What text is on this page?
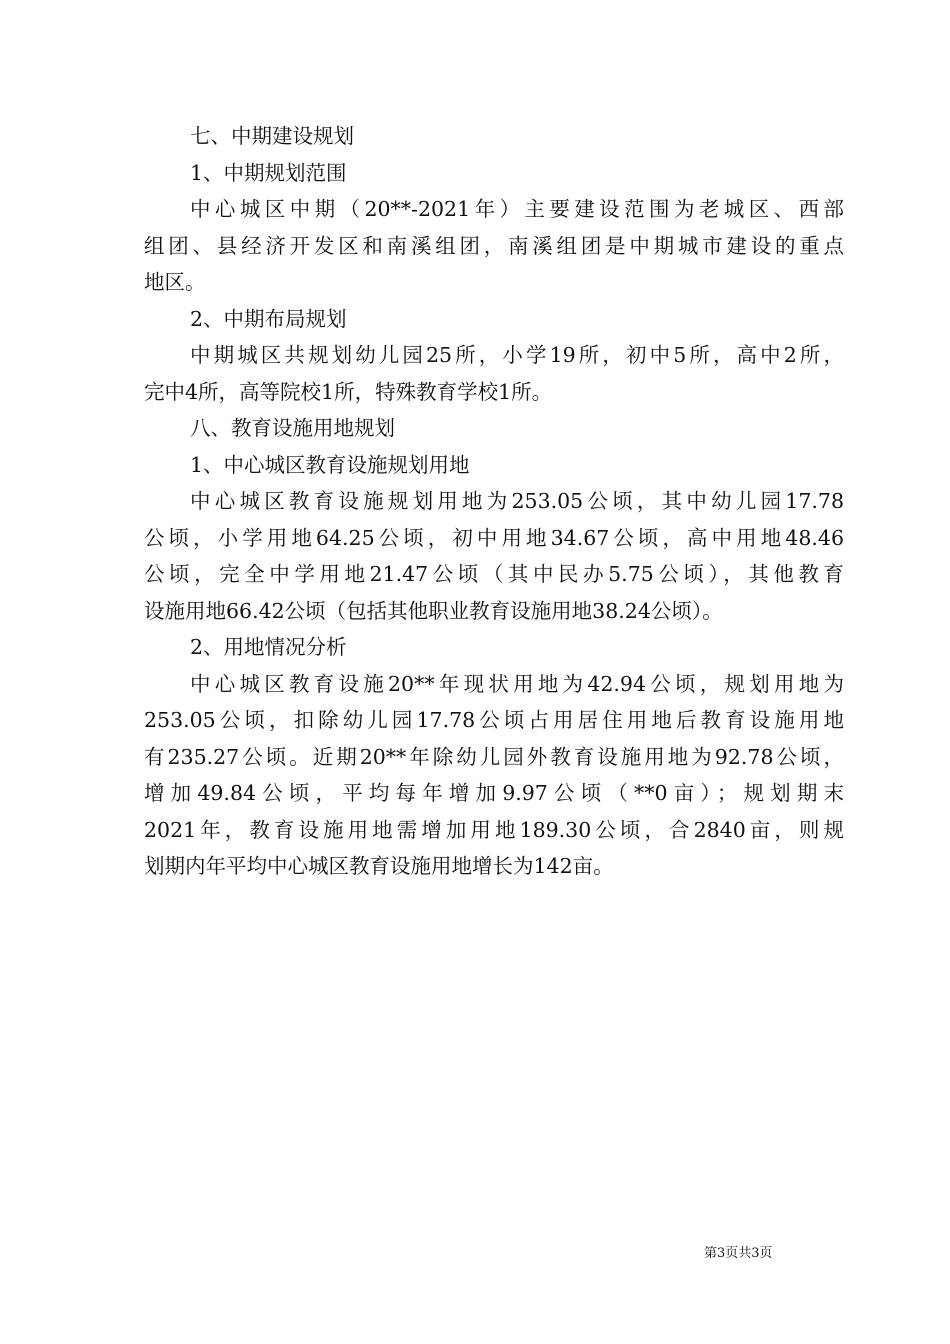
七、中期建设规划

1、中期规划范围

中心城区中期（20**-2021年）主要建设范围为老城区、西部

组团、县经济开发区和南溪组团，南溪组团是中期城市建设的重点

地区。

2、中期布局规划

中期城区共规划幼儿园25所，小学19所，初中5所，高中2所，

完中4所，高等院校1所，特殊教育学校1所。

八、教育设施用地规划

1、中心城区教育设施规划用地

中心城区教育设施规划用地为253.05公顷，其中幼儿园17.78

公顷，小学用地64.25公顷，初中用地34.67公顷，高中用地48.46

公顷，完全中学用地21.47公顷（其中民办5.75公顷），其他教育

设施用地66.42公顷（包括其他职业教育设施用地38.24公顷）。

2、用地情况分析

中心城区教育设施20**年现状用地为42.94公顷，规划用地为

253.05公顷，扣除幼儿园17.78公顷占用居住用地后教育设施用地

有235.27公顷。近期20**年除幼儿园外教育设施用地为92.78公顷，

增加49.84公顷，平均每年增加9.97公顷（**0亩）；规划期末

2021年，教育设施用地需增加用地189.30公顷，合2840亩，则规

划期内年平均中心城区教育设施用地增长为142亩。

第3页共3页
